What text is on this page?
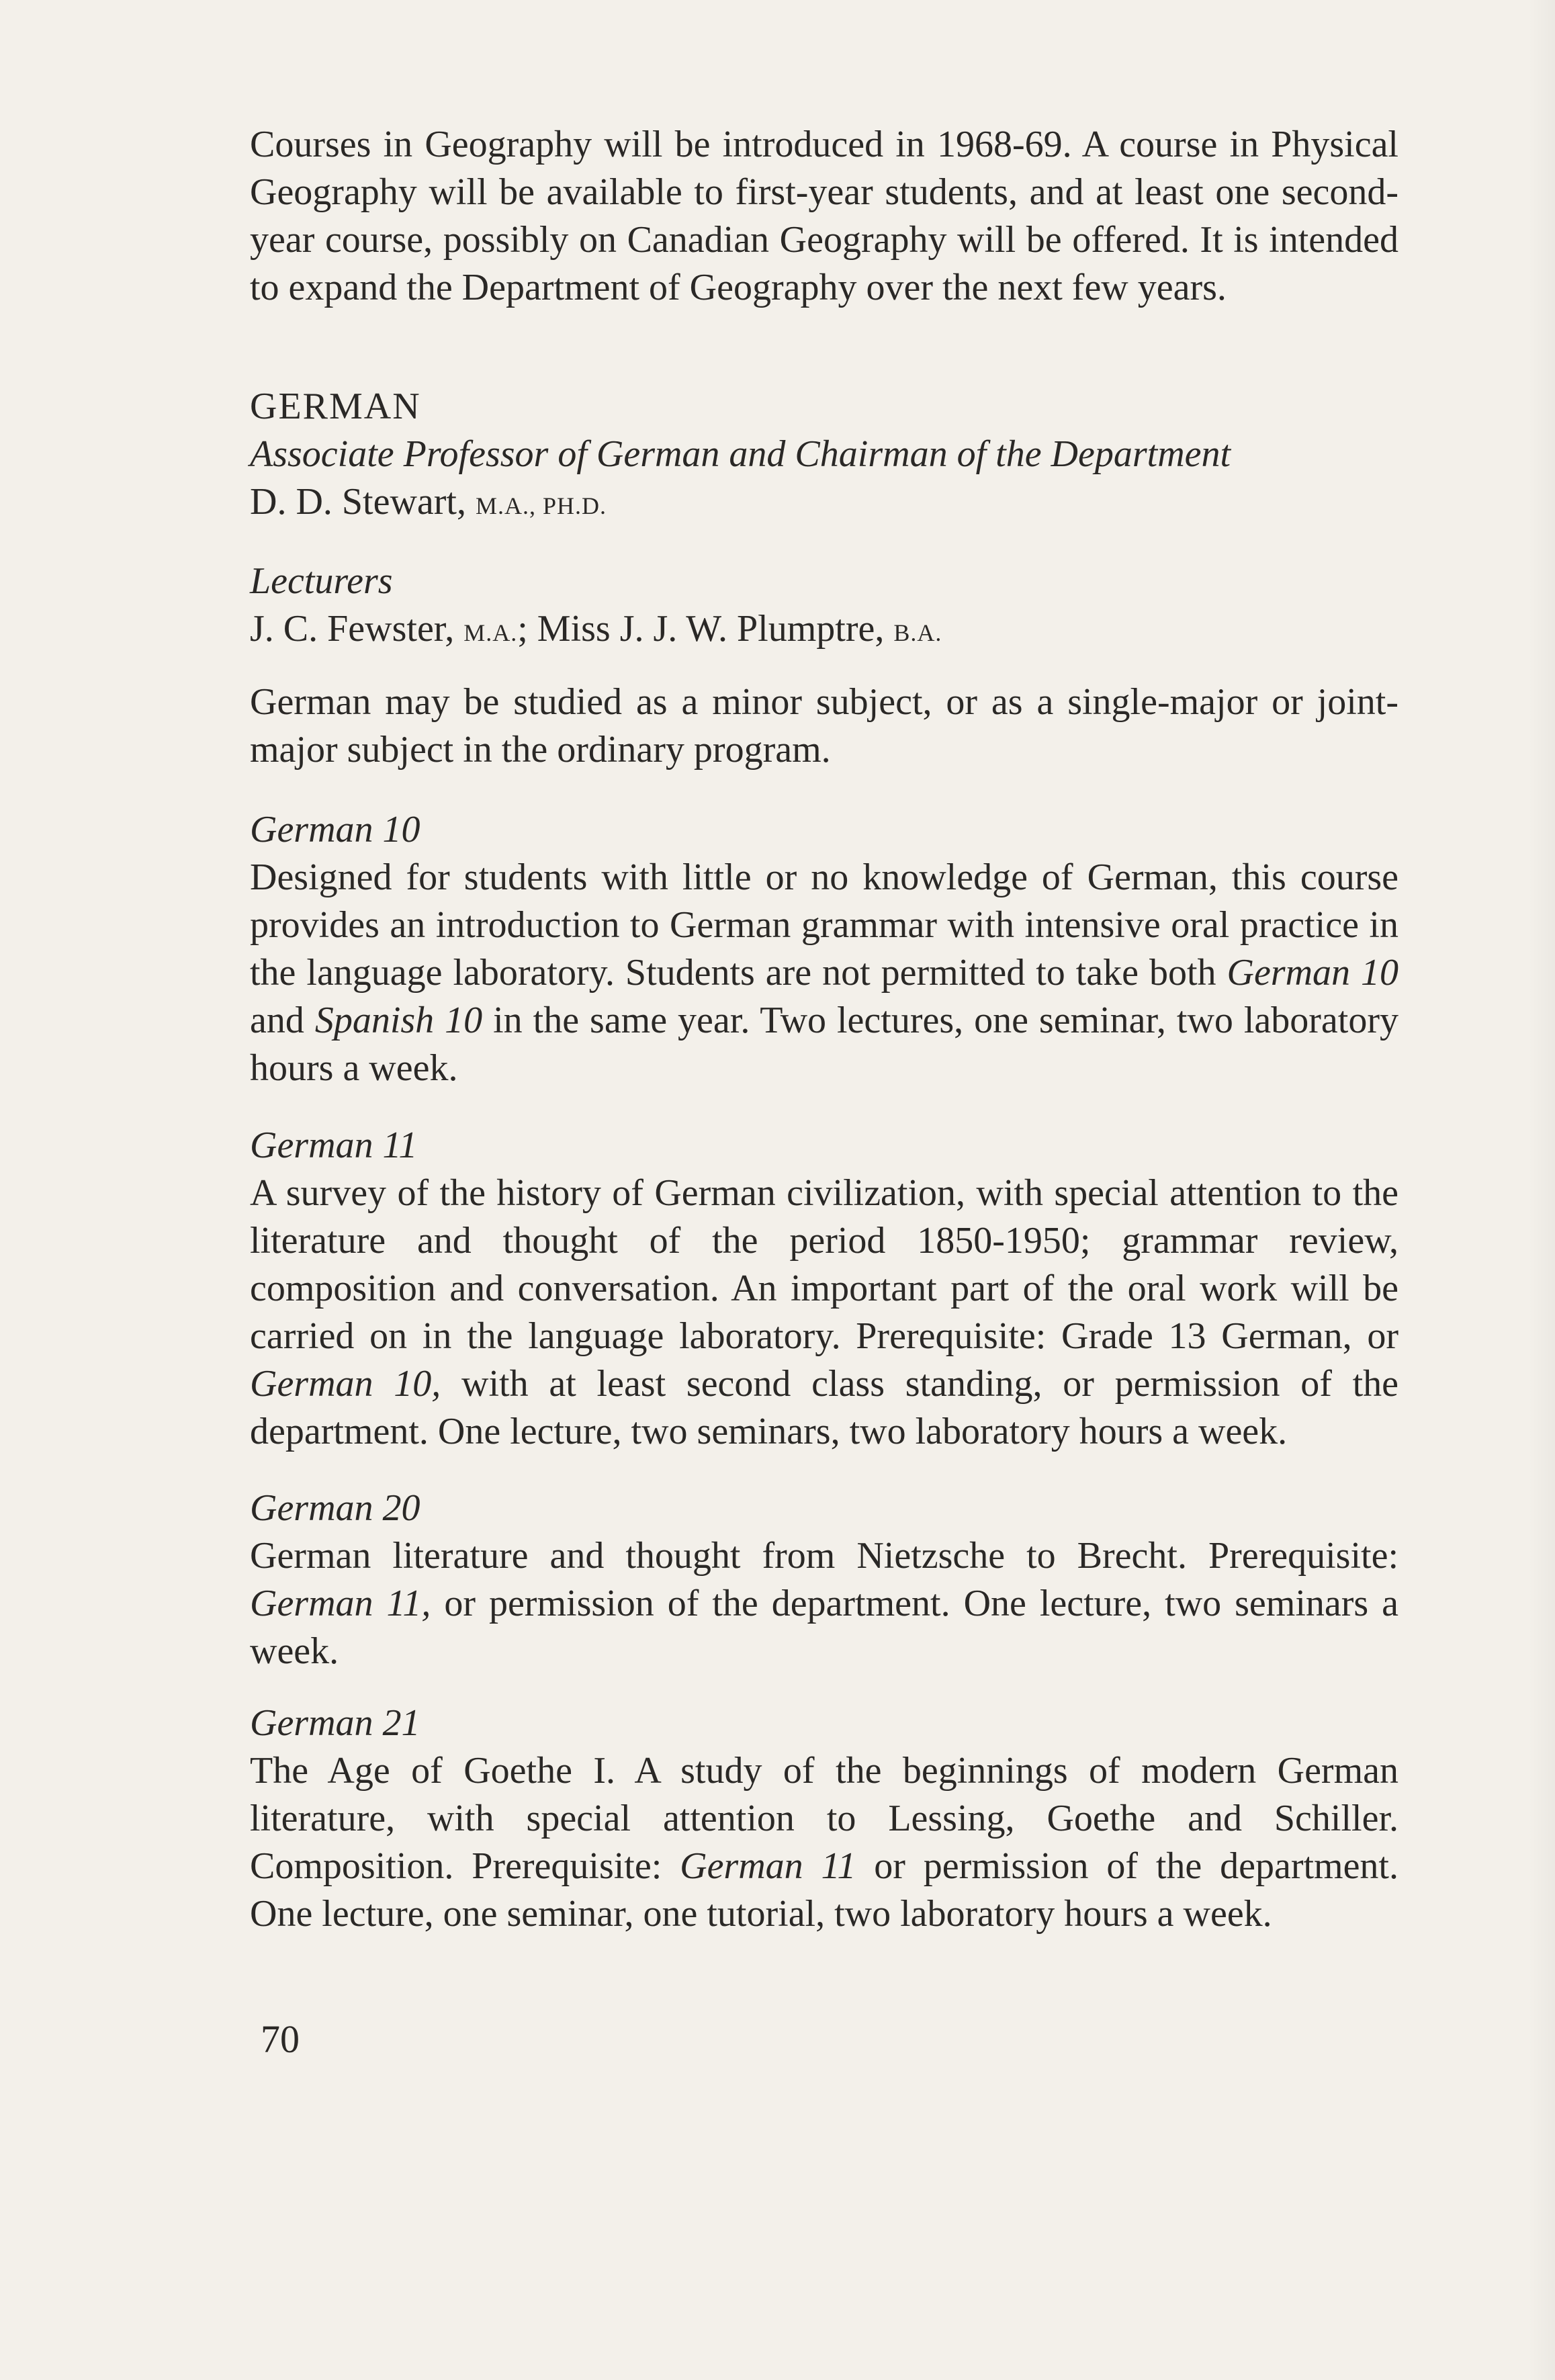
Courses in Geography will be introduced in 1968-69. A course in Physical Geography will be available to first-year students, and at least one second-year course, possibly on Canadian Geography will be offered. It is intended to expand the Department of Geography over the next few years.

GERMAN

Associate Professor of German and Chairman of the Department

D. D. Stewart, M.A., PH.D.

Lecturers

J. C. Fewster, M.A.; Miss J. J. W. Plumptre, B.A.

German may be studied as a minor subject, or as a single-major or joint-major subject in the ordinary program.

German 10

Designed for students with little or no knowledge of German, this course provides an introduction to German grammar with intensive oral practice in the language laboratory. Students are not permitted to take both German 10 and Spanish 10 in the same year. Two lectures, one seminar, two laboratory hours a week.

German 11

A survey of the history of German civilization, with special attention to the literature and thought of the period 1850-1950; grammar review, composition and conversation. An important part of the oral work will be carried on in the language laboratory. Prerequisite: Grade 13 German, or German 10, with at least second class standing, or permission of the department. One lecture, two seminars, two laboratory hours a week.

German 20

German literature and thought from Nietzsche to Brecht. Prerequisite: German 11, or permission of the department. One lecture, two seminars a week.

German 21

The Age of Goethe I. A study of the beginnings of modern German literature, with special attention to Lessing, Goethe and Schiller. Composition. Prerequisite: German 11 or permission of the department. One lecture, one seminar, one tutorial, two laboratory hours a week.

70
